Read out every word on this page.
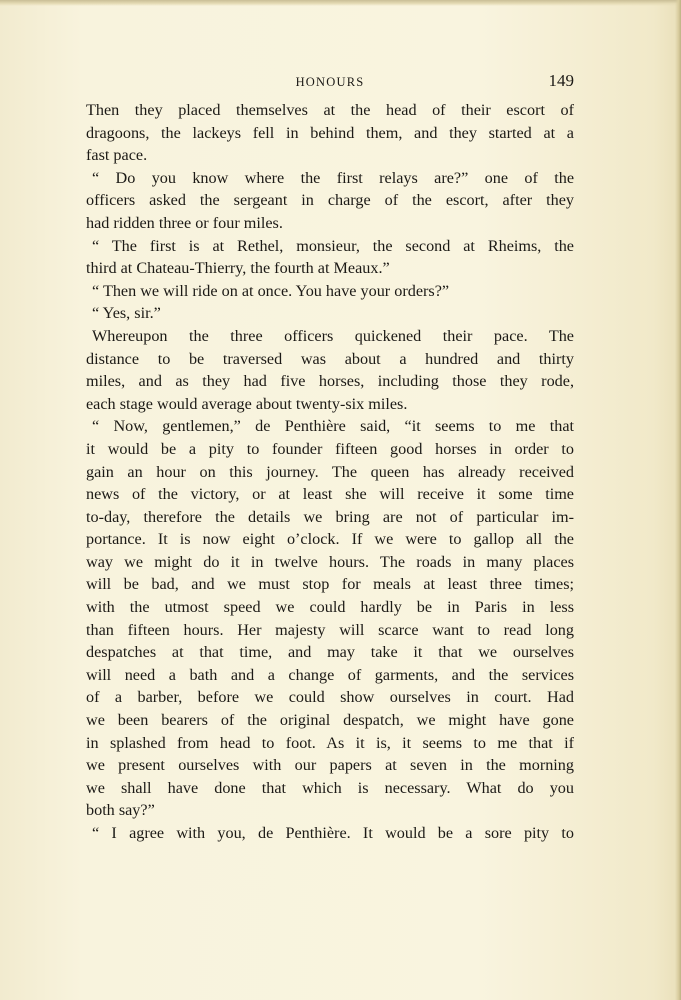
HONOURS	149
Then they placed themselves at the head of their escort of
dragoons, the lackeys fell in behind them, and they started at a
fast pace.
“ Do you know where the first relays are?” one of the
officers asked the sergeant in charge of the escort, after they
had ridden three or four miles.
“ The first is at Rethel, monsieur, the second at Rheims, the
third at Chateau-Thierry, the fourth at Meaux.”
“ Then we will ride on at once. You have your orders?”
“ Yes, sir.”
Whereupon the three officers quickened their pace. The
distance to be traversed was about a hundred and thirty
miles, and as they had five horses, including those they rode,
each stage would average about twenty-six miles.
“ Now, gentlemen,” de Penthière said, “it seems to me that
it would be a pity to founder fifteen good horses in order to
gain an hour on this journey. The queen has already received
news of the victory, or at least she will receive it some time
to-day, therefore the details we bring are not of particular im-
portance. It is now eight o’clock. If we were to gallop all the
way we might do it in twelve hours. The roads in many places
will be bad, and we must stop for meals at least three times;
with the utmost speed we could hardly be in Paris in less
than fifteen hours. Her majesty will scarce want to read long
despatches at that time, and may take it that we ourselves
will need a bath and a change of garments, and the services
of a barber, before we could show ourselves in court. Had
we been bearers of the original despatch, we might have gone
in splashed from head to foot. As it is, it seems to me that if
we present ourselves with our papers at seven in the morning
we shall have done that which is necessary. What do you
both say?”
“ I agree with you, de Penthière. It would be a sore pity to
